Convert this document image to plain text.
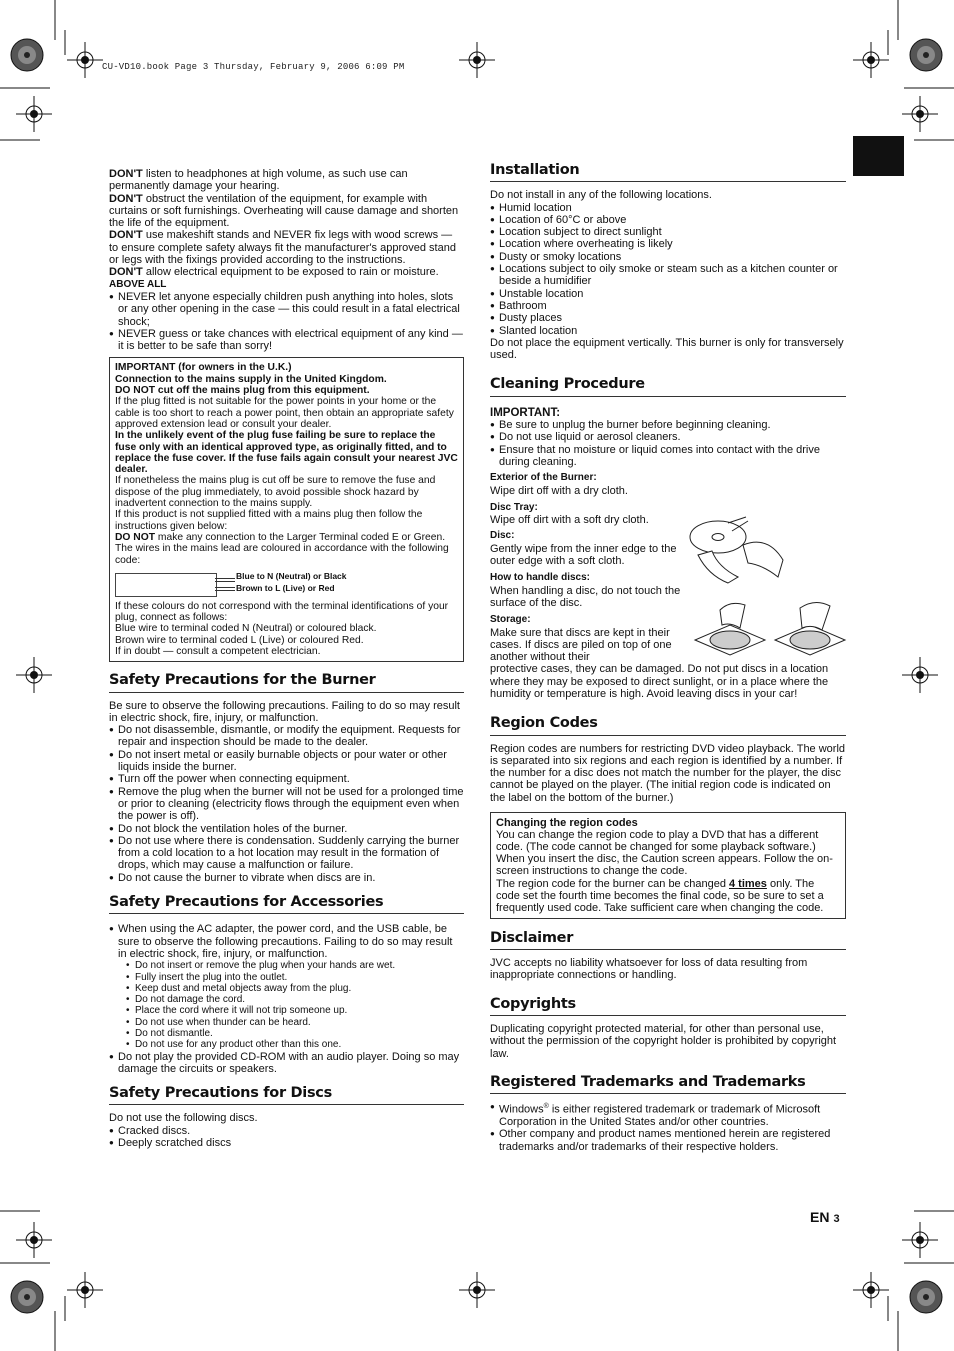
CU-VD10.book Page 3 Thursday, February 9, 2006 6:09 PM

DON'T listen to headphones at high volume, as such use can permanently damage your hearing.

DON'T obstruct the ventilation of the equipment, for example with curtains or soft furnishings. Overheating will cause damage and shorten the life of the equipment.

DON'T use makeshift stands and NEVER fix legs with wood screws — to ensure complete safety always fit the manufacturer's approved stand or legs with the fixings provided according to the instructions.

DON'T allow electrical equipment to be exposed to rain or moisture.

ABOVE ALL

● NEVER let anyone especially children push anything into holes, slots or any other opening in the case — this could result in a fatal electrical shock;
● NEVER guess or take chances with electrical equipment of any kind — it is better to be safe than sorry!

IMPORTANT (for owners in the U.K.)

Connection to the mains supply in the United Kingdom.

DO NOT cut off the mains plug from this equipment.

If the plug fitted is not suitable for the power points in your home or the cable is too short to reach a power point, then obtain an appropriate safety approved extension lead or consult your dealer.

In the unlikely event of the plug fuse failing be sure to replace the fuse only with an identical approved type, as originally fitted, and to replace the fuse cover. If the fuse fails again consult your nearest JVC dealer.

If nonetheless the mains plug is cut off be sure to remove the fuse and dispose of the plug immediately, to avoid possible shock hazard by inadvertent connection to the mains supply.

If this product is not supplied fitted with a mains plug then follow the instructions given below:

DO NOT make any connection to the Larger Terminal coded E or Green.

The wires in the mains lead are coloured in accordance with the following code:

Blue to N (Neutral) or Black
Brown to L (Live) or Red

If these colours do not correspond with the terminal identifications of your plug, connect as follows:

Blue wire to terminal coded N (Neutral) or coloured black.

Brown wire to terminal coded L (Live) or coloured Red.

If in doubt — consult a competent electrician.

Safety Precautions for the Burner

Be sure to observe the following precautions. Failing to do so may result in electric shock, fire, injury, or malfunction.

● Do not disassemble, dismantle, or modify the equipment. Requests for repair and inspection should be made to the dealer.
● Do not insert metal or easily burnable objects or pour water or other liquids inside the burner.
● Turn off the power when connecting equipment.
● Remove the plug when the burner will not be used for a prolonged time or prior to cleaning (electricity flows through the equipment even when the power is off).
● Do not block the ventilation holes of the burner.
● Do not use where there is condensation. Suddenly carrying the burner from a cold location to a hot location may result in the formation of drops, which may cause a malfunction or failure.
● Do not cause the burner to vibrate when discs are in.
Safety Precautions for Accessories
● When using the AC adapter, the power cord, and the USB cable, be sure to observe the following precautions. Failing to do so may result in electric shock, fire, injury, or malfunction.
• Do not insert or remove the plug when your hands are wet.
• Fully insert the plug into the outlet.
• Keep dust and metal objects away from the plug.
• Do not damage the cord.
• Place the cord where it will not trip someone up.
• Do not use when thunder can be heard.
• Do not dismantle.
• Do not use for any product other than this one.
● Do not play the provided CD-ROM with an audio player. Doing so may damage the circuits or speakers.
Safety Precautions for Discs

Do not use the following discs.

● Cracked discs.
● Deeply scratched discs
Installation

Do not install in any of the following locations.

● Humid location
● Location of 60°C or above
● Location subject to direct sunlight
● Location where overheating is likely
● Dusty or smoky locations
● Locations subject to oily smoke or steam such as a kitchen counter or beside a humidifier
● Unstable location
● Bathroom
● Dusty places
● Slanted location

Do not place the equipment vertically. This burner is only for transversely used.

Cleaning Procedure

IMPORTANT:

● Be sure to unplug the burner before beginning cleaning.
● Do not use liquid or aerosol cleaners.
● Ensure that no moisture or liquid comes into contact with the drive during cleaning.

Exterior of the Burner:

Wipe dirt off with a dry cloth.

Disc Tray:

Wipe off dirt with a soft dry cloth.

Disc:

Gently wipe from the inner edge to the outer edge with a soft cloth.

How to handle discs:

When handling a disc, do not touch the surface of the disc.

Storage:

Make sure that discs are kept in their cases. If discs are piled on top of one another without their

protective cases, they can be damaged. Do not put discs in a location where they may be exposed to direct sunlight, or in a place where the humidity or temperature is high. Avoid leaving discs in your car!

Region Codes

Region codes are numbers for restricting DVD video playback. The world is separated into six regions and each region is identified by a number. If the number for a disc does not match the number for the player, the disc cannot be played on the player. (The initial region code is indicated on the label on the bottom of the burner.)

Changing the region codes

You can change the region code to play a DVD that has a different code. (The code cannot be changed for some playback software.) When you insert the disc, the Caution screen appears. Follow the on-screen instructions to change the code.

The region code for the burner can be changed 4 times only. The code set the fourth time becomes the final code, so be sure to set a frequently used code. Take sufficient care when changing the code.

Disclaimer

JVC accepts no liability whatsoever for loss of data resulting from inappropriate connections or handling.

Copyrights

Duplicating copyright protected material, for other than personal use, without the permission of the copyright holder is prohibited by copyright law.

Registered Trademarks and Trademarks
● Windows® is either registered trademark or trademark of Microsoft Corporation in the United States and/or other countries.
● Other company and product names mentioned herein are registered trademarks and/or trademarks of their respective holders.
EN 3
